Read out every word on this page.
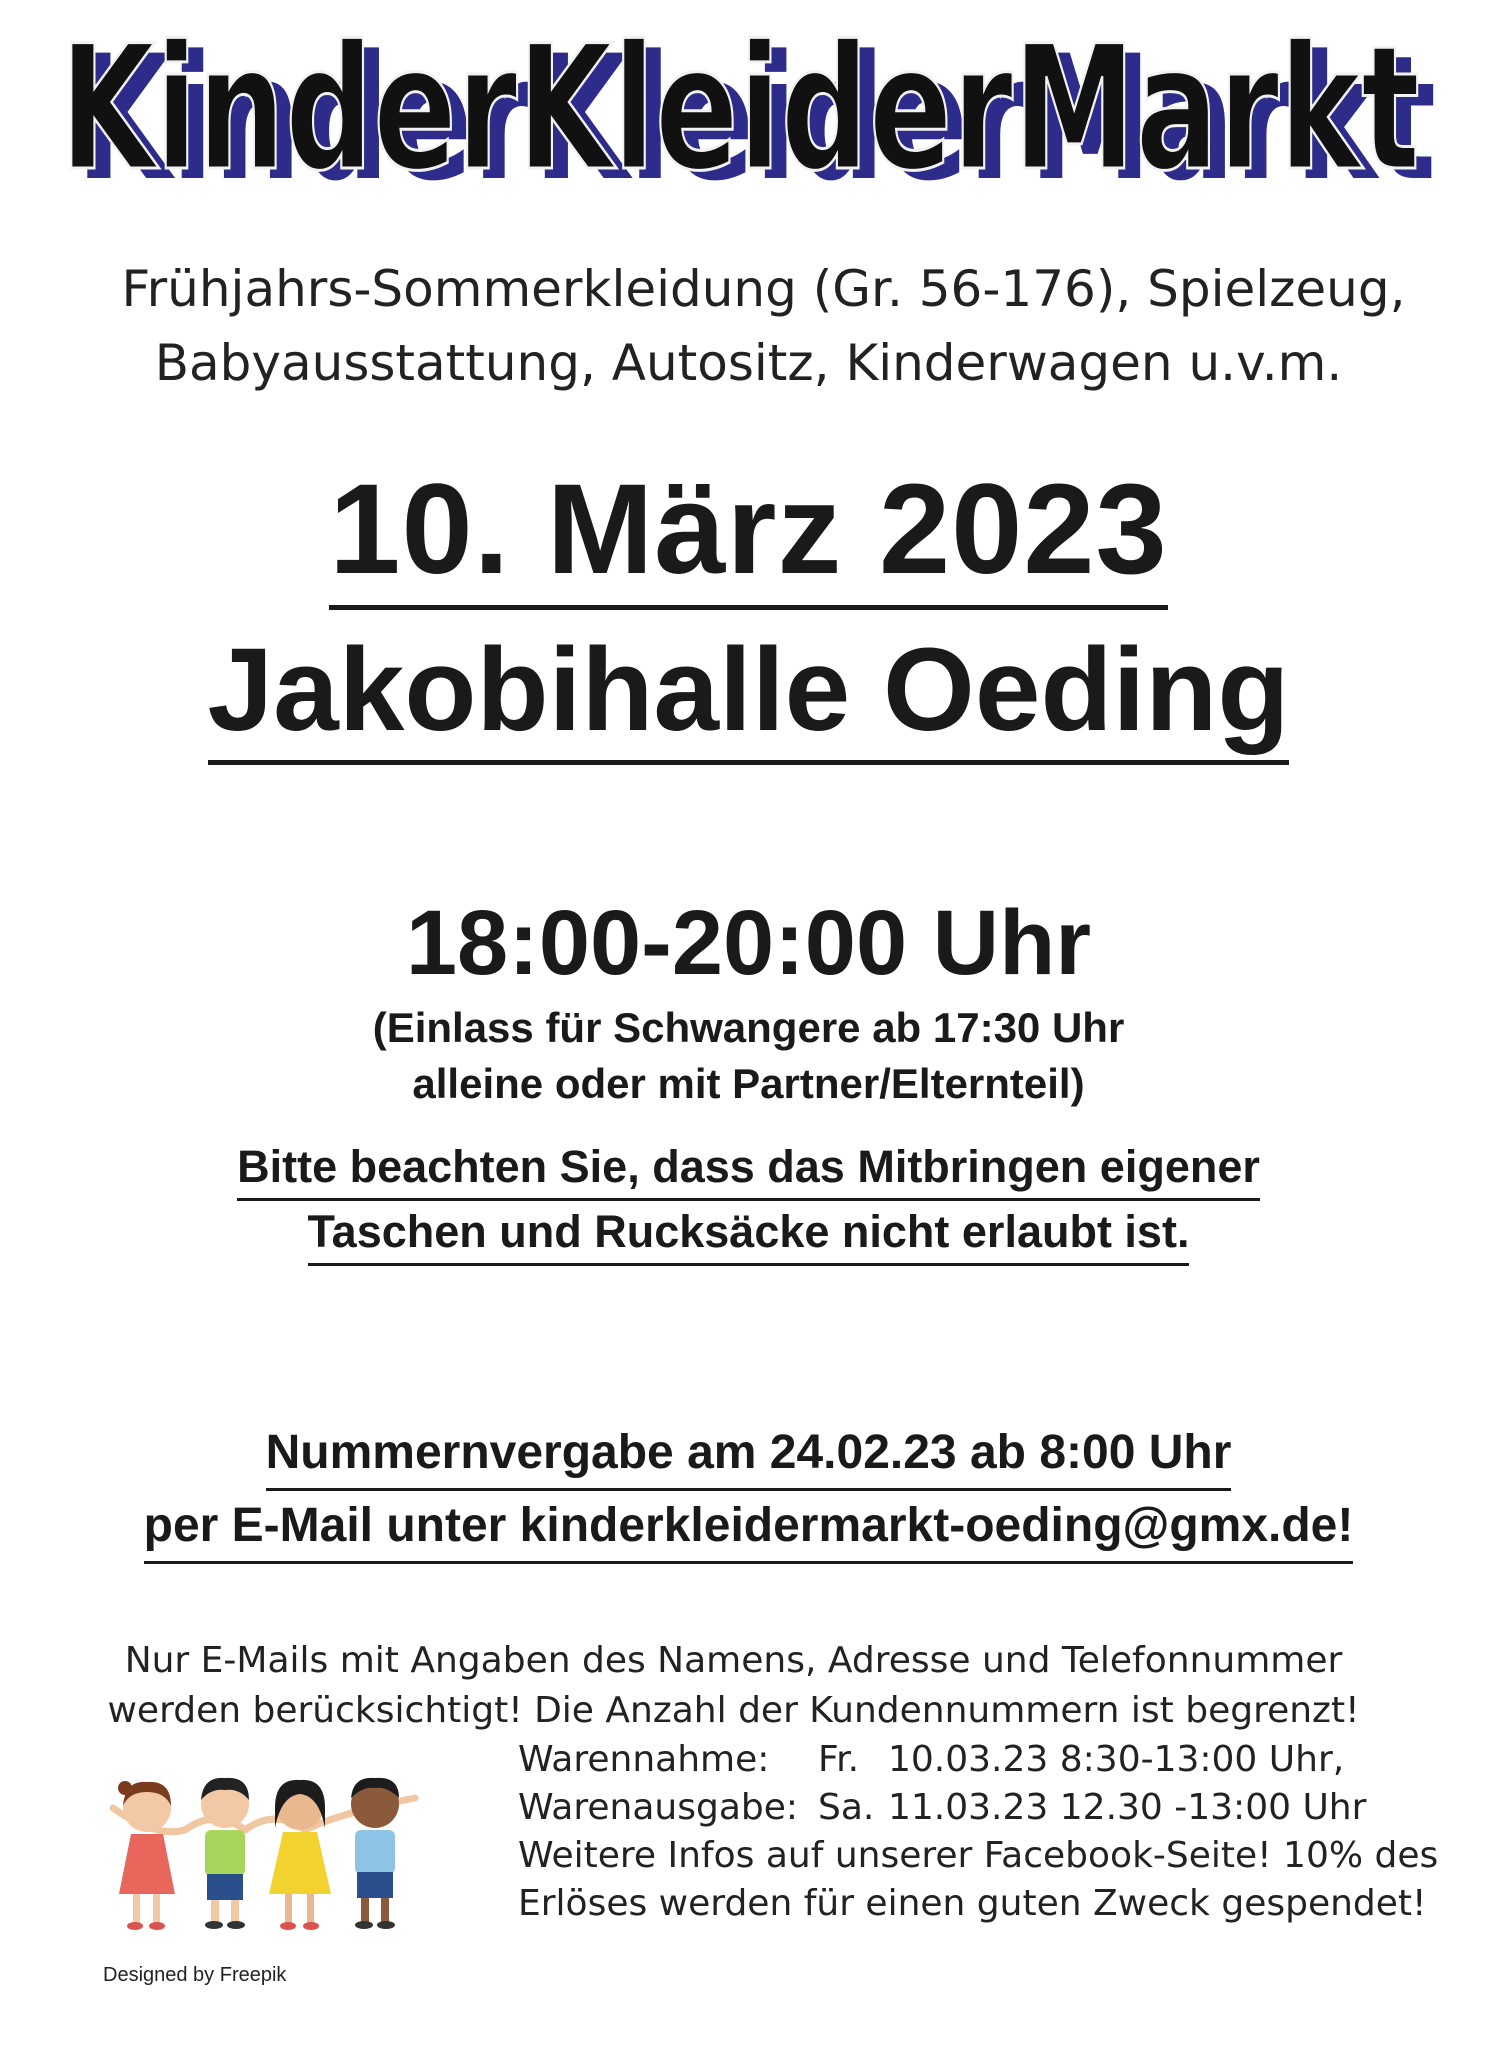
KinderKleiderMarkt
KinderKleiderMarkt
Frühjahrs-Sommerkleidung (Gr. 56-176), Spielzeug,
Babyausstattung, Autositz, Kinderwagen u.v.m.
10. März 2023
Jakobihalle Oeding
18:00-20:00 Uhr
(Einlass für Schwangere ab 17:30 Uhr
alleine oder mit Partner/Elternteil)
Bitte beachten Sie, dass das Mitbringen eigener
Taschen und Rucksäcke nicht erlaubt ist.
Nummernvergabe am 24.02.23 ab 8:00 Uhr
per E-Mail unter kinderkleidermarkt-oeding@gmx.de!
Nur E-Mails mit Angaben des Namens, Adresse und Telefonnummer
werden berücksichtigt! Die Anzahl der Kundennummern ist begrenzt!
Warennahme: Fr. 10.03.23 8:30-13:00 Uhr,
Warenausgabe: Sa. 11.03.23 12.30 -13:00 Uhr
Weitere Infos auf unserer Facebook-Seite! 10% des
Erlöses werden für einen guten Zweck gespendet!
Designed by Freepik
